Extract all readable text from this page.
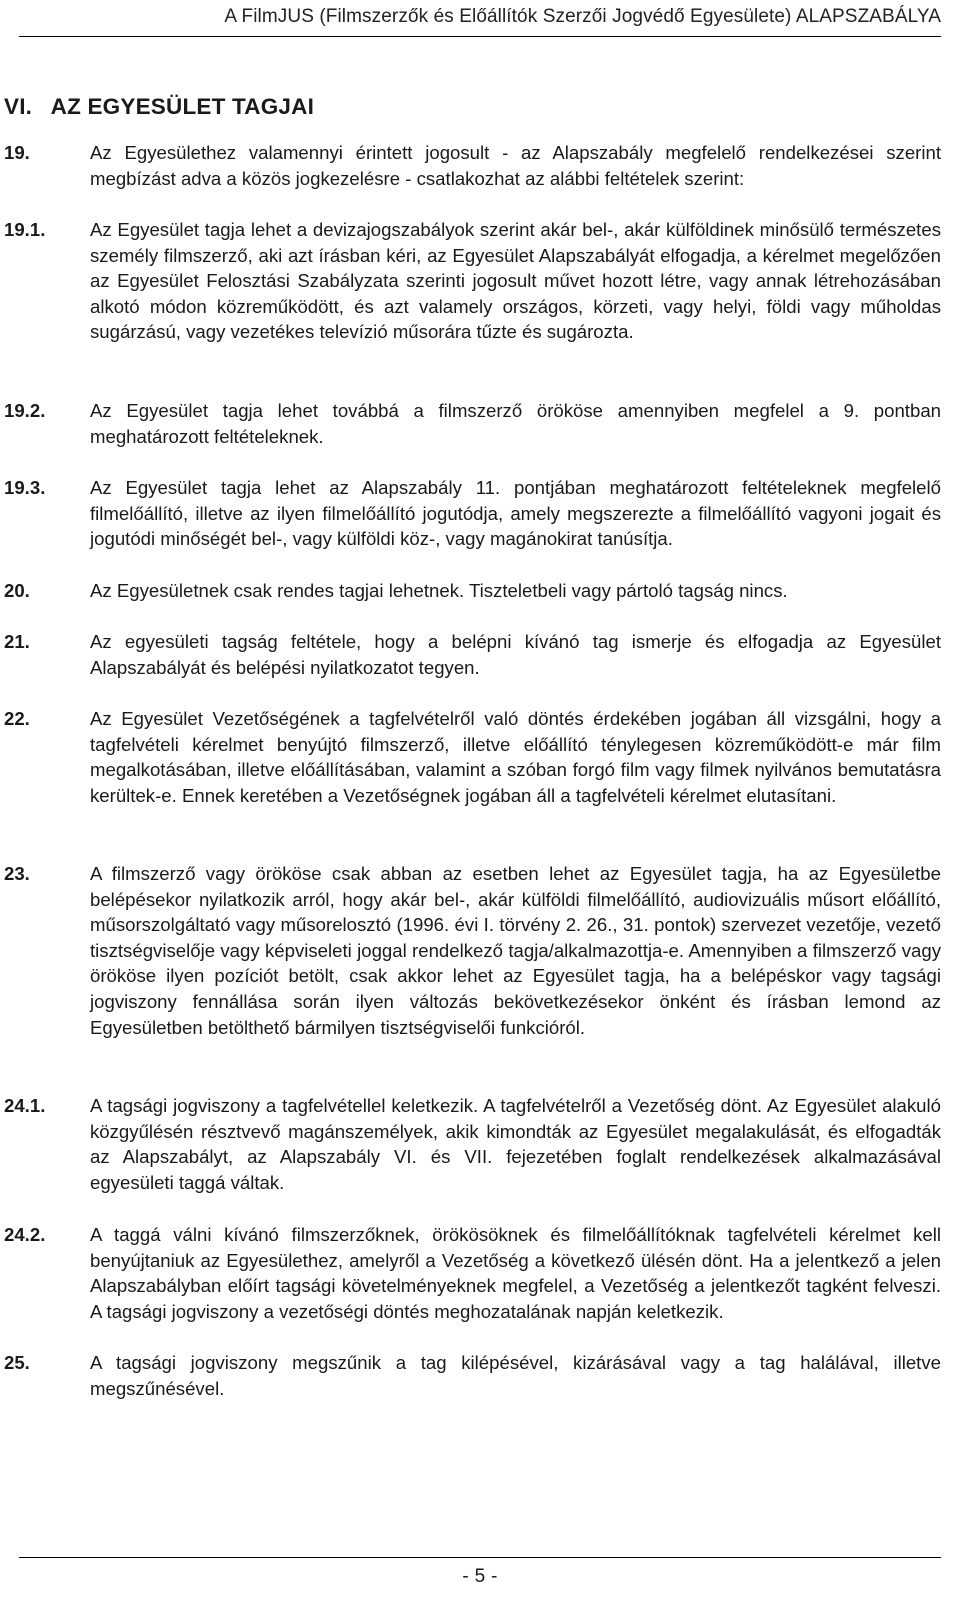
A FilmJUS (Filmszerzők és Előállítók Szerzői Jogvédő Egyesülete) ALAPSZABÁLYA
VI.   AZ EGYESÜLET TAGJAI
19.	Az Egyesülethez valamennyi érintett jogosult - az Alapszabály megfelelő rendelkezései szerint megbízást adva a közös jogkezelésre - csatlakozhat az alábbi feltételek szerint:
19.1.	Az Egyesület tagja lehet a devizajogszabályok szerint akár bel-, akár külföldinek minősülő természetes személy filmszerző, aki azt írásban kéri, az Egyesület Alapszabályát elfogadja, a kérelmet megelőzően az Egyesület Felosztási Szabályzata szerinti jogosult művet hozott létre, vagy annak létrehozásában alkotó módon közreműködött, és azt valamely országos, körzeti, vagy helyi, földi vagy műholdas sugárzású, vagy vezetékes televízió műsorára tűzte és sugározta.
19.2.	Az Egyesület tagja lehet továbbá a filmszerző örököse amennyiben megfelel a 9. pontban meghatározott feltételeknek.
19.3.	Az Egyesület tagja lehet az Alapszabály 11. pontjában meghatározott feltételeknek megfelelő filmelőállító, illetve az ilyen filmelőállító jogutódja, amely megszerezte a filmelőállító vagyoni jogait és jogutódi minőségét bel-, vagy külföldi köz-, vagy magánokirat tanúsítja.
20.	Az Egyesületnek csak rendes tagjai lehetnek. Tiszteletbeli vagy pártoló tagság nincs.
21.	Az egyesületi tagság feltétele, hogy a belépni kívánó tag ismerje és elfogadja az Egyesület Alapszabályát és belépési nyilatkozatot tegyen.
22.	Az Egyesület Vezetőségének a tagfelvételről való döntés érdekében jogában áll vizsgálni, hogy a tagfelvételi kérelmet benyújtó filmszerző, illetve előállító ténylegesen közreműködött-e már film megalkotásában, illetve előállításában, valamint a szóban forgó film vagy filmek nyilvános bemutatásra kerültek-e. Ennek keretében a Vezetőségnek jogában áll a tagfelvételi kérelmet elutasítani.
23.	A filmszerző vagy örököse csak abban az esetben lehet az Egyesület tagja, ha az Egyesületbe belépésekor nyilatkozik arról, hogy akár bel-, akár külföldi filmelőállító, audiovizuális műsort előállító, műsorszolgáltató vagy műsorelosztó (1996. évi I. törvény 2. 26., 31. pontok) szervezet vezetője, vezető tisztségviselője vagy képviseleti joggal rendelkező tagja/alkalmazottja-e. Amennyiben a filmszerző vagy örököse ilyen pozíciót betölt, csak akkor lehet az Egyesület tagja, ha a belépéskor vagy tagsági jogviszony fennállása során ilyen változás bekövetkezésekor önként és írásban lemond az Egyesületben betölthető bármilyen tisztségviselői funkcióról.
24.1.	A tagsági jogviszony a tagfelvétellel keletkezik. A tagfelvételről a Vezetőség dönt. Az Egyesület alakuló közgyűlésén résztvevő magánszemélyek, akik kimondták az Egyesület megalakulását, és elfogadták az Alapszabályt, az Alapszabály VI. és VII. fejezetében foglalt rendelkezések alkalmazásával egyesületi taggá váltak.
24.2.	A taggá válni kívánó filmszerzőknek, örökösöknek és filmelőállítóknak tagfelvételi kérelmet kell benyújtaniuk az Egyesülethez, amelyről a Vezetőség a következő ülésén dönt. Ha a jelentkező a jelen Alapszabályban előírt tagsági követelményeknek megfelel, a Vezetőség a jelentkezőt tagként felveszi. A tagsági jogviszony a vezetőségi döntés meghozatalának napján keletkezik.
25.	A tagsági jogviszony megszűnik a tag kilépésével, kizárásával vagy a tag halálával, illetve megszűnésével.
- 5 -
